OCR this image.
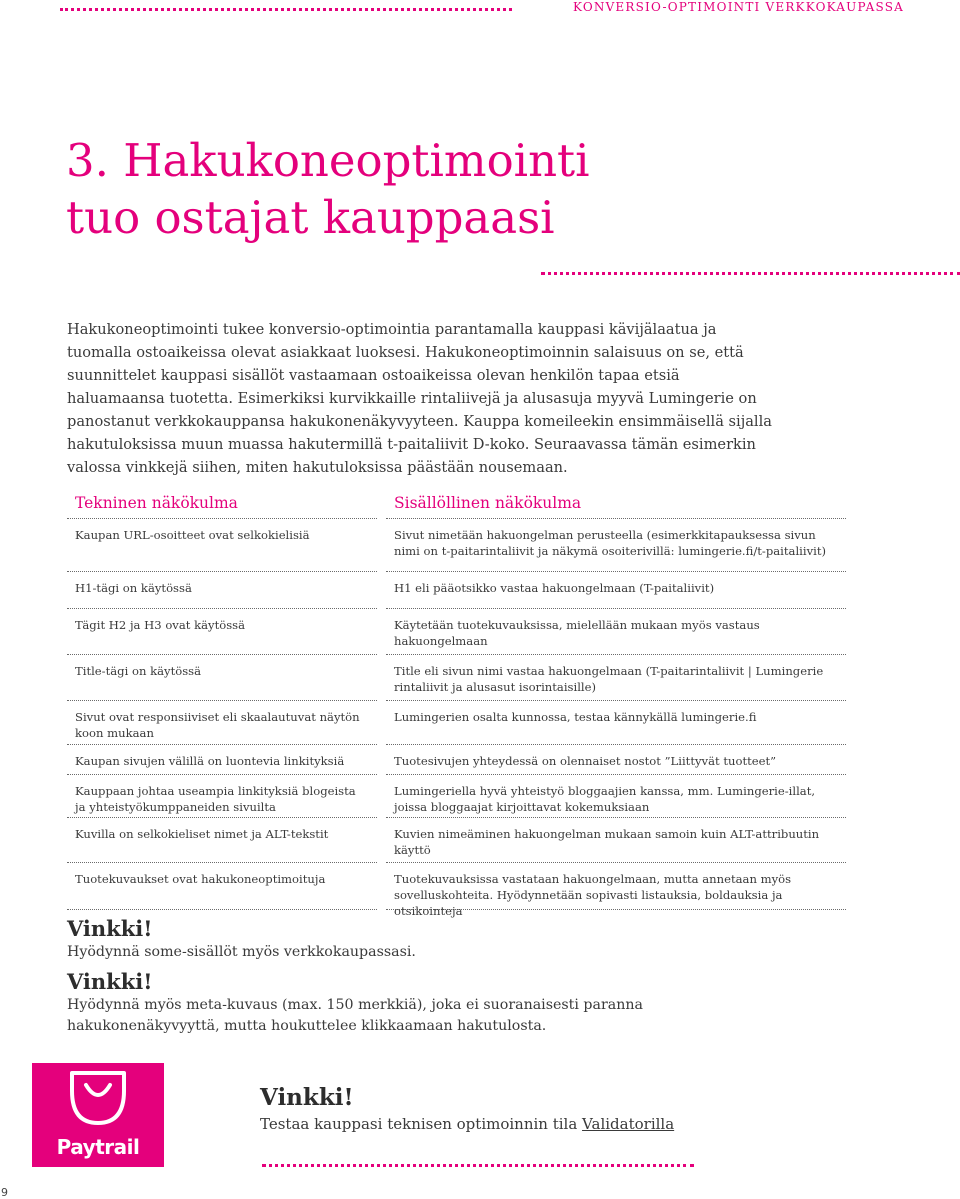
KONVERSIO-OPTIMOINTI VERKKOKAUPASSA
3. Hakukoneoptimointi
tuo ostajat kauppaasi

Hakukoneoptimointi tukee konversio-optimointia parantamalla kauppasi kävijälaatua ja tuomalla ostoaikeissa olevat asiakkaat luoksesi. Hakukoneoptimoinnin salaisuus on se, että suunnittelet kauppasi sisällöt vastaamaan ostoaikeissa olevan henkilön tapaa etsiä haluamaansa tuotetta. Esimerkiksi kurvikkaille rintaliivejä ja alusasuja myyvä Lumingerie on panostanut verkkokauppansa hakukonenäkyvyyteen. Kauppa komeileekin ensimmäisellä sijalla hakutuloksissa muun muassa hakutermillä t-paitaliivit D-koko. Seuraavassa tämän esimerkin valossa vinkkejä siihen, miten hakutuloksissa päästään nousemaan.

Tekninen näkökulma
Kaupan URL-osoitteet ovat selkokielisiä
H1-tägi on käytössä
Tägit H2 ja H3 ovat käytössä
Title-tägi on käytössä
Sivut ovat responsiiviset eli skaalautuvat näytön koon mukaan
Kaupan sivujen välillä on luontevia linkityksiä
Kauppaan johtaa useampia linkityksiä blogeista ja yhteistyökumppaneiden sivuilta
Kuvilla on selkokieliset nimet ja ALT-tekstit
Tuotekuvaukset ovat hakukoneoptimoituja
Sisällöllinen näkökulma
Sivut nimetään hakuongelman perusteella (esimerkkitapauksessa sivun nimi on t-paitarintaliivit ja näkymä osoiterivillä: lumingerie.fi/t-paitaliivit)
H1 eli pääotsikko vastaa hakuongelmaan (T-paitaliivit)
Käytetään tuotekuvauksissa, mielellään mukaan myös vastaus hakuongelmaan
Title eli sivun nimi vastaa hakuongelmaan (T-paitarintaliivit | Lumingerie rintaliivit ja alusasut isorintaisille)
Lumingerien osalta kunnossa, testaa kännykällä lumingerie.fi
Tuotesivujen yhteydessä on olennaiset nostot ”Liittyvät tuotteet”
Lumingeriella hyvä yhteistyö bloggaajien kanssa, mm. Lumingerie-illat, joissa bloggaajat kirjoittavat kokemuksiaan
Kuvien nimeäminen hakuongelman mukaan samoin kuin ALT-attribuutin käyttö
Tuotekuvauksissa vastataan hakuongelmaan, mutta annetaan myös sovelluskohteita. Hyödynnetään sopivasti listauksia, boldauksia ja otsikointeja

Vinkki!

Hyödynnä some-sisällöt myös verkkokaupassasi.

Vinkki!

Hyödynnä myös meta-kuvaus (max. 150 merkkiä), joka ei suoranaisesti paranna hakukonenäkyvyyttä, mutta houkuttelee klikkaamaan hakutulosta.

Paytrail

Vinkki!

Testaa kauppasi teknisen optimoinnin tila Validatorilla

9
